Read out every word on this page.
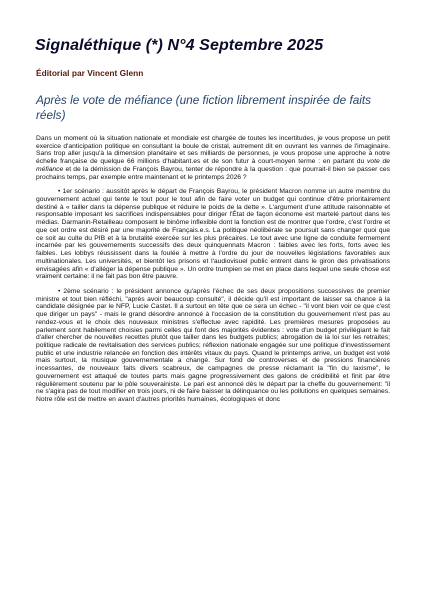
Signaléthique (*) N°4 Septembre 2025

Éditorial par Vincent Glenn

Après le vote de méfiance (une fiction librement inspirée de faits réels)

Dans un moment où la situation nationale et mondiale est chargée de toutes les incertitudes, je vous propose un petit exercice d'anticipation politique en consultant la boule de cristal, autrement dit en ouvrant les vannes de l'imaginaire. Sans trop aller jusqu'à la dimension planétaire et ses milliards de personnes, je vous propose une approche à notre échelle française de quelque 66 millions d'habitant.es et de son futur à court-moyen terme : en partant du vote de méfiance et de la démission de François Bayrou, tenter de répondre à la question : que pourrait-il bien se passer ces prochains temps, par exemple entre maintenant et le printemps 2026 ?

• 1er scénario : aussitôt après le départ de François Bayrou, le président Macron nomme un autre membre du gouvernement actuel qui tente le tout pour le tout afin de faire voter un budget qui continue d'être prioritairement destiné à « tailler dans la dépense publique et réduire le poids de la dette ». L'argument d'une attitude raisonnable et responsable imposant les sacrifices indispensables pour diriger l'État de façon économe est martelé partout dans les médias. Darmanin-Retailleau composent le binôme inflexible dont la fonction est de montrer que l'ordre, c'est l'ordre et que cet ordre est désiré par une majorité de Français.e.s. La politique néolibérale se poursuit sans changer quoi que ce soit au culte du PIB et à la brutalité exercée sur les plus précaires. Le tout avec une ligne de conduite fermement incarnée par les gouvernements successifs des deux quinquennats Macron : faibles avec les forts, forts avec les faibles. Les lobbys réussissent dans la foulée à mettre à l'ordre du jour de nouvelles législations favorables aux multinationales. Les universités, et bientôt les prisons et l'audiovisuel public entrent dans le giron des privatisations envisagées afin « d'alléger la dépense publique ». Un ordre trumpien se met en place dans lequel une seule chose est vraiment certaine: il ne fait pas bon être pauvre.

• 2ème scénario : le président annonce qu'après l'échec de ses deux propositions successives de premier ministre et tout bien réfléchi, "après avoir beaucoup consulté", il décide qu'il est important de laisser sa chance à la candidate désignée par le NFP, Lucie Castet. Il a surtout en tête que ce sera un échec - "il vont bien voir ce que c'est que diriger un pays" - mais le grand désordre annoncé à l'occasion de la constitution du gouvernement n'est pas au rendez-vous et le choix des nouveaux ministres s'effectue avec rapidité. Les premières mesures proposées au parlement sont habilement choisies parmi celles qui font des majorités évidentes : vote d'un budget privilégiant le fait d'aller chercher de nouvelles recettes plutôt que tailler dans les budgets publics; abrogation de la loi sur les retraites; politique radicale de revitalisation des services publics; réflexion nationale engagée sur une politique d'investissement public et une industrie relancée en fonction des intérêts vitaux du pays. Quand le printemps arrive, un budget est voté mais surtout, la musique gouvernementale a changé. Sur fond de controverses et de pressions financières incessantes, de nouveaux faits divers scabreux, de campagnes de presse réclamant la "fin du laxisme", le gouvernement est attaqué de toutes parts mais gagne progressivement des galons de crédibilité et finit par être régulièrement soutenu par le pôle souverainiste. Le pari est annoncé dès le départ par la cheffe du gouvernement: "il ne s'agira pas de tout modifier en trois jours, ni de faire baisser la délinquance ou les pollutions en quelques semaines. Notre rôle est de mettre en avant d'autres priorités humaines, écologiques et donc
